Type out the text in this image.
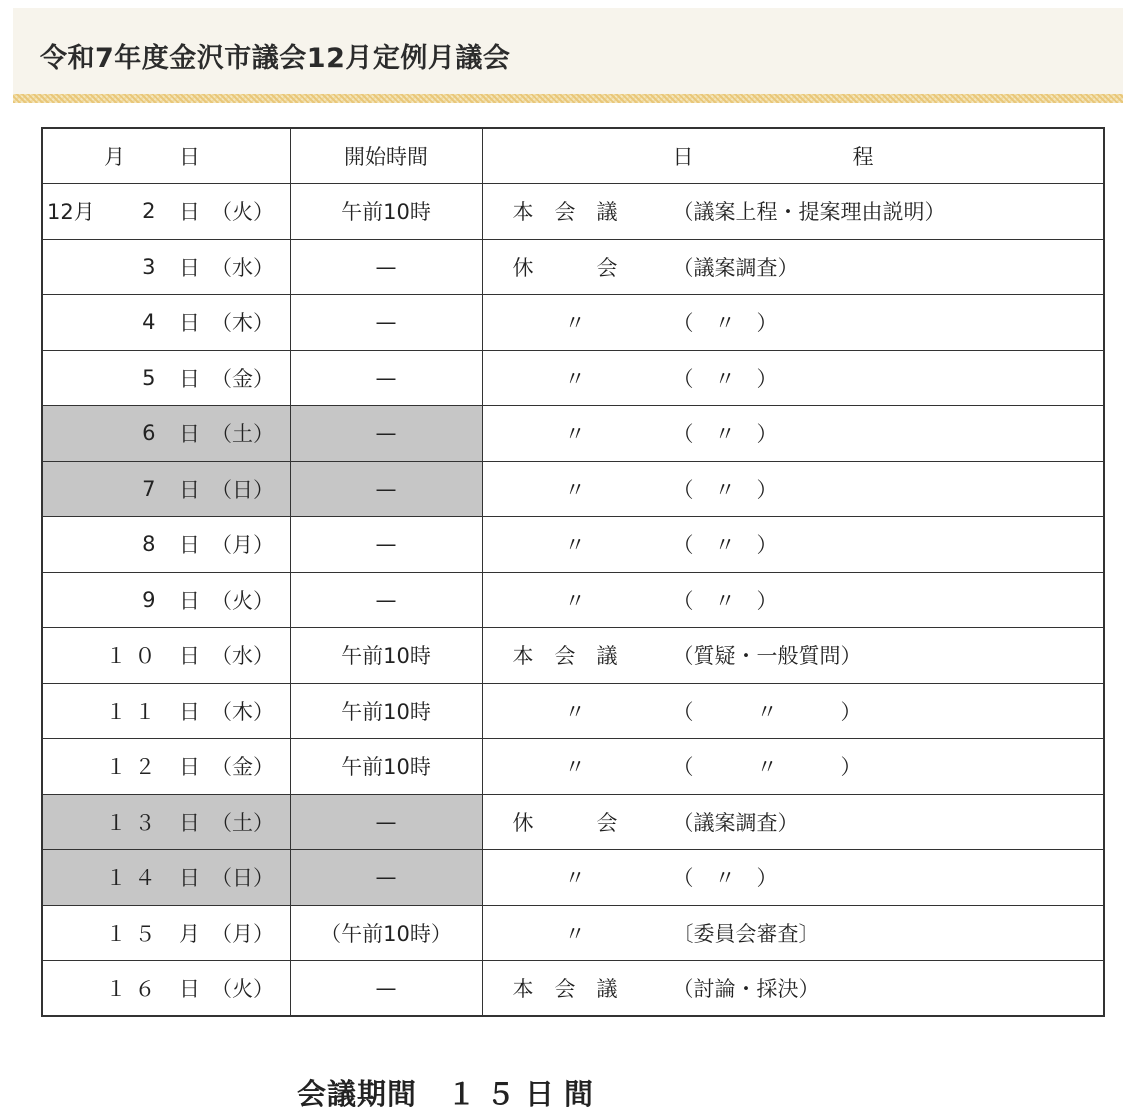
令和7年度金沢市議会12月定例月議会
月 日	開始時間	日 程

12月 2 日 （火）	午前10時	本　会　議 （議案上程・提案理由説明）

3 日 （水）	—	休　　　会 （議案調査）

4 日 （木）	—	〃 （　〃　）

5 日 （金）	—	〃 （　〃　）

6 日 （土）	—	〃 （　〃　）

7 日 （日）	—	〃 （　〃　）

8 日 （月）	—	〃 （　〃　）

9 日 （火）	—	〃 （　〃　）

１０ 日 （水）	午前10時	本　会　議 （質疑・一般質問）

１１ 日 （木）	午前10時	〃 （　　　〃　　　）

１２ 日 （金）	午前10時	〃 （　　　〃　　　）

１３ 日 （土）	—	休　　　会 （議案調査）

１４ 日 （日）	—	〃 （　〃　）

１５ 月 （月）	（午前10時）	〃 〔委員会審査〕

１６ 日 （火）	—	本　会　議 （討論・採決）
会議期間 １５日間
